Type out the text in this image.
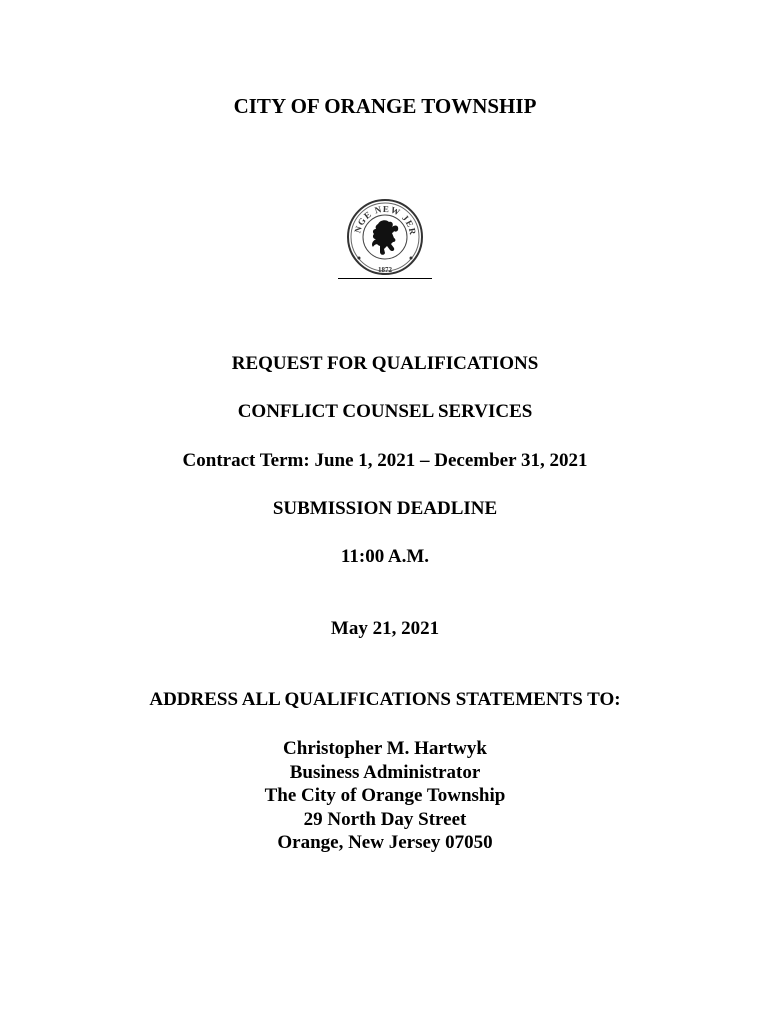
CITY OF ORANGE TOWNSHIP
NGE NEW JER
1872
REQUEST FOR QUALIFICATIONS
CONFLICT COUNSEL SERVICES
Contract Term: June 1, 2021 – December 31, 2021
SUBMISSION DEADLINE
11:00 A.M.
May 21, 2021
ADDRESS ALL QUALIFICATIONS STATEMENTS TO:
Christopher M. Hartwyk
Business Administrator
The City of Orange Township
29 North Day Street
Orange, New Jersey 07050
